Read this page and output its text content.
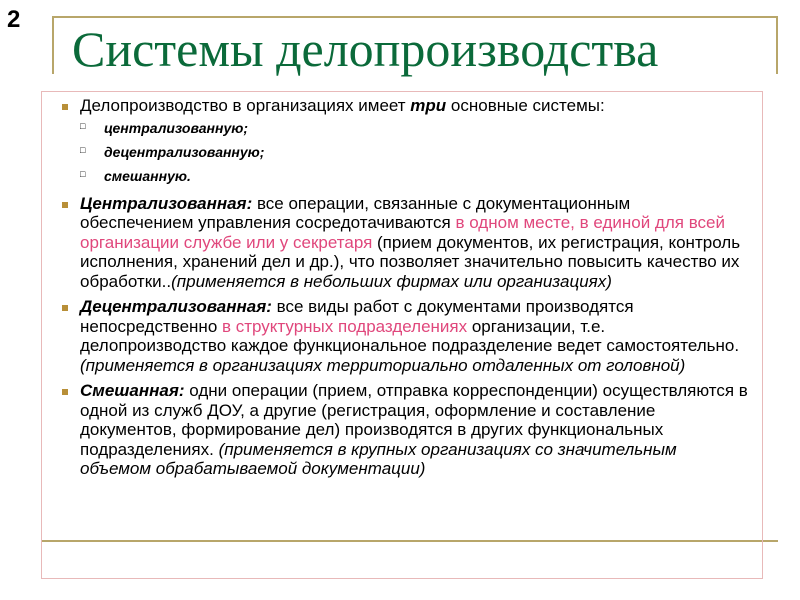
2
Системы делопроизводства
Делопроизводство в организациях имеет три основные системы:
□	централизованную;
□	децентрализованную;
□	смешанную.
Централизованная: все операции, связанные с документационным обеспечением управления сосредотачиваются в одном месте, в единой для всей организации службе или у секретаря (прием документов, их регистрация, контроль исполнения, хранений дел и др.), что позволяет значительно повысить качество их обработки..(применяется в небольших фирмах или организациях)
Децентрализованная: все виды работ с документами производятся непосредственно в структурных подразделениях организации, т.е. делопроизводство каждое функциональное подразделение ведет самостоятельно. (применяется в организациях территориально отдаленных от головной)
Смешанная: одни операции (прием, отправка корреспонденции) осуществляются в одной из служб ДОУ, а другие (регистрация, оформление и составление документов, формирование дел) производятся в других функциональных подразделениях. (применяется в крупных организациях со значительным объемом обрабатываемой документации)
